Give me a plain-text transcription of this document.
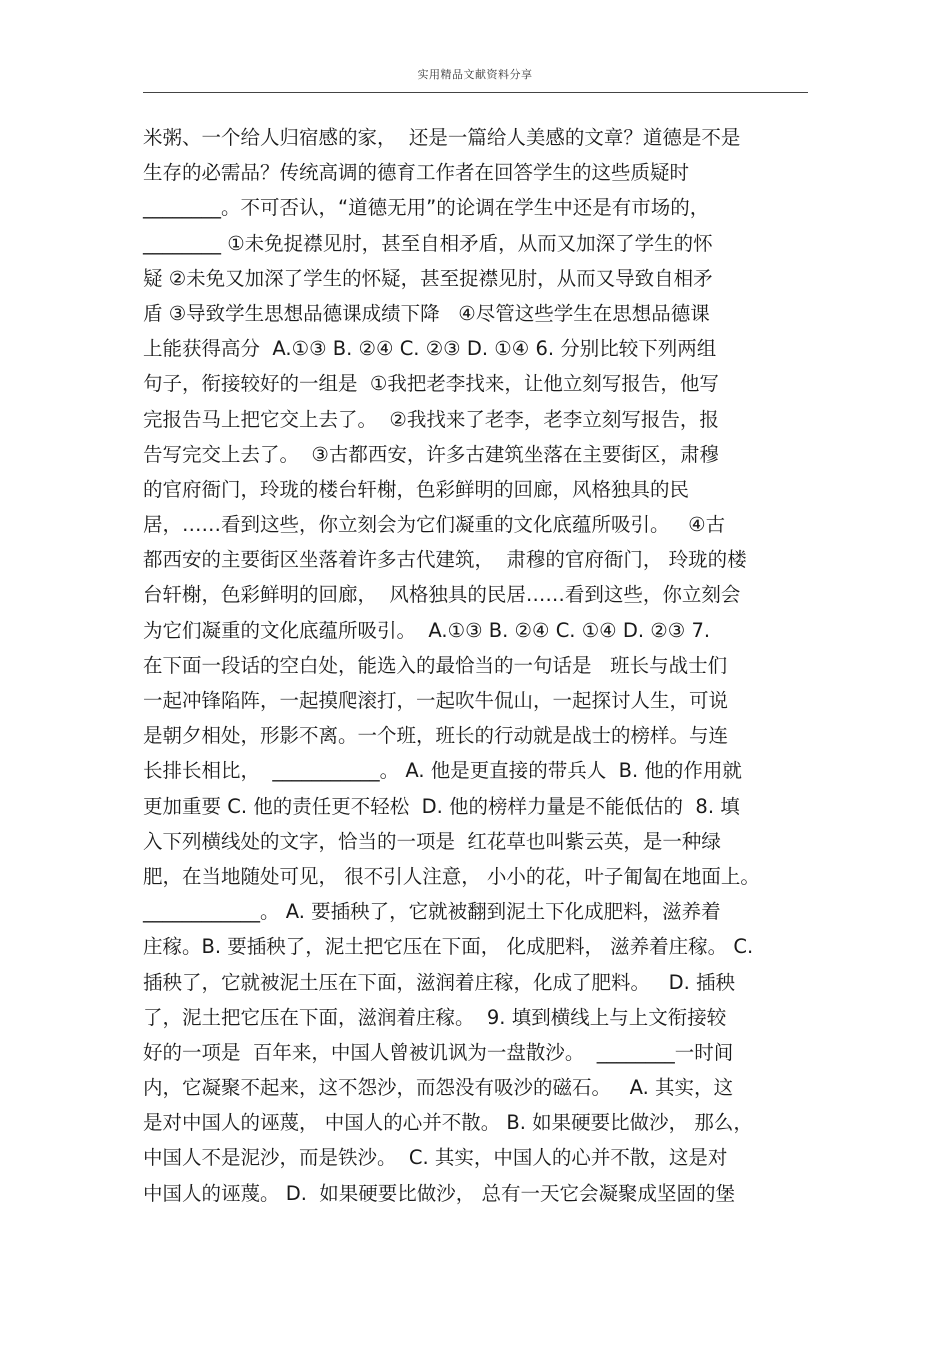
实用精品文献资料分享
米粥、一个给人归宿感的家，  还是一篇给人美感的文章？道德是不是
生存的必需品？传统高调的德育工作者在回答学生的这些质疑时
________。不可否认，“道德无用”的论调在学生中还是有市场的，
________ ①未免捉襟见肘，甚至自相矛盾，从而又加深了学生的怀
疑 ②未免又加深了学生的怀疑，甚至捉襟见肘，从而又导致自相矛
盾 ③导致学生思想品德课成绩下降   ④尽管这些学生在思想品德课
上能获得高分  A.①③ B. ②④ C. ②③ D. ①④ 6. 分别比较下列两组
句子，衔接较好的一组是  ①我把老李找来，让他立刻写报告，他写
完报告马上把它交上去了。  ②我找来了老李，老李立刻写报告，报
告写完交上去了。  ③古都西安，许多古建筑坐落在主要街区，肃穆
的官府衙门，玲珑的楼台轩榭，色彩鲜明的回廊，风格独具的民
居，……看到这些，你立刻会为它们凝重的文化底蕴所吸引。   ④古
都西安的主要街区坐落着许多古代建筑，  肃穆的官府衙门， 玲珑的楼
台轩榭，色彩鲜明的回廊，  风格独具的民居……看到这些，你立刻会
为它们凝重的文化底蕴所吸引。  A.①③ B. ②④ C. ①④ D. ②③ 7.
在下面一段话的空白处，能选入的最恰当的一句话是   班长与战士们
一起冲锋陷阵，一起摸爬滚打，一起吹牛侃山，一起探讨人生，可说
是朝夕相处，形影不离。一个班，班长的行动就是战士的榜样。与连
长排长相比，  ___________。 A. 他是更直接的带兵人  B. 他的作用就
更加重要 C. 他的责任更不轻松  D. 他的榜样力量是不能低估的  8. 填
入下列横线处的文字，恰当的一项是  红花草也叫紫云英，是一种绿
肥，在当地随处可见， 很不引人注意， 小小的花，叶子匍匐在地面上。
____________。 A. 要插秧了，它就被翻到泥土下化成肥料，滋养着
庄稼。B. 要插秧了，泥土把它压在下面， 化成肥料， 滋养着庄稼。 C.
插秧了，它就被泥土压在下面，滋润着庄稼，化成了肥料。   D. 插秧
了，泥土把它压在下面，滋润着庄稼。  9. 填到横线上与上文衔接较
好的一项是  百年来，中国人曾被讥讽为一盘散沙。  ________一时间
内，它凝聚不起来，这不怨沙，而怨没有吸沙的磁石。   A. 其实，这
是对中国人的诬蔑， 中国人的心并不散。 B. 如果硬要比做沙， 那么，
中国人不是泥沙，而是铁沙。  C. 其实，中国人的心并不散，这是对
中国人的诬蔑。 D.  如果硬要比做沙， 总有一天它会凝聚成坚固的堡
